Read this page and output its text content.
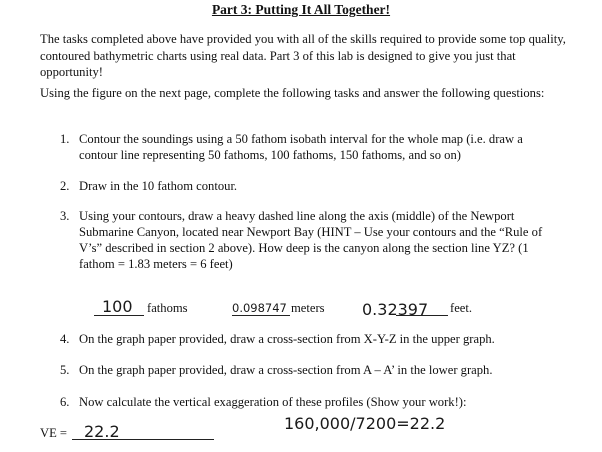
Part 3: Putting It All Together!
The tasks completed above have provided you with all of the skills required to provide some top quality, contoured bathymetric charts using real data. Part 3 of this lab is designed to give you just that opportunity!
Using the figure on the next page, complete the following tasks and answer the following questions:
1. Contour the soundings using a 50 fathom isobath interval for the whole map (i.e. draw a contour line representing 50 fathoms, 100 fathoms, 150 fathoms, and so on)
2. Draw in the 10 fathom contour.
3. Using your contours, draw a heavy dashed line along the axis (middle) of the Newport Submarine Canyon, located near Newport Bay (HINT – Use your contours and the “Rule of V’s” described in section 2 above). How deep is the canyon along the section line YZ? (1 fathom = 1.83 meters = 6 feet)
100 fathoms	0.098747 meters 0.32397 feet.
4. On the graph paper provided, draw a cross-section from X-Y-Z in the upper graph.
5. On the graph paper provided, draw a cross-section from A – A’ in the lower graph.
6. Now calculate the vertical exaggeration of these profiles (Show your work!):
VE = 22.2	160,000/7200=22.2
